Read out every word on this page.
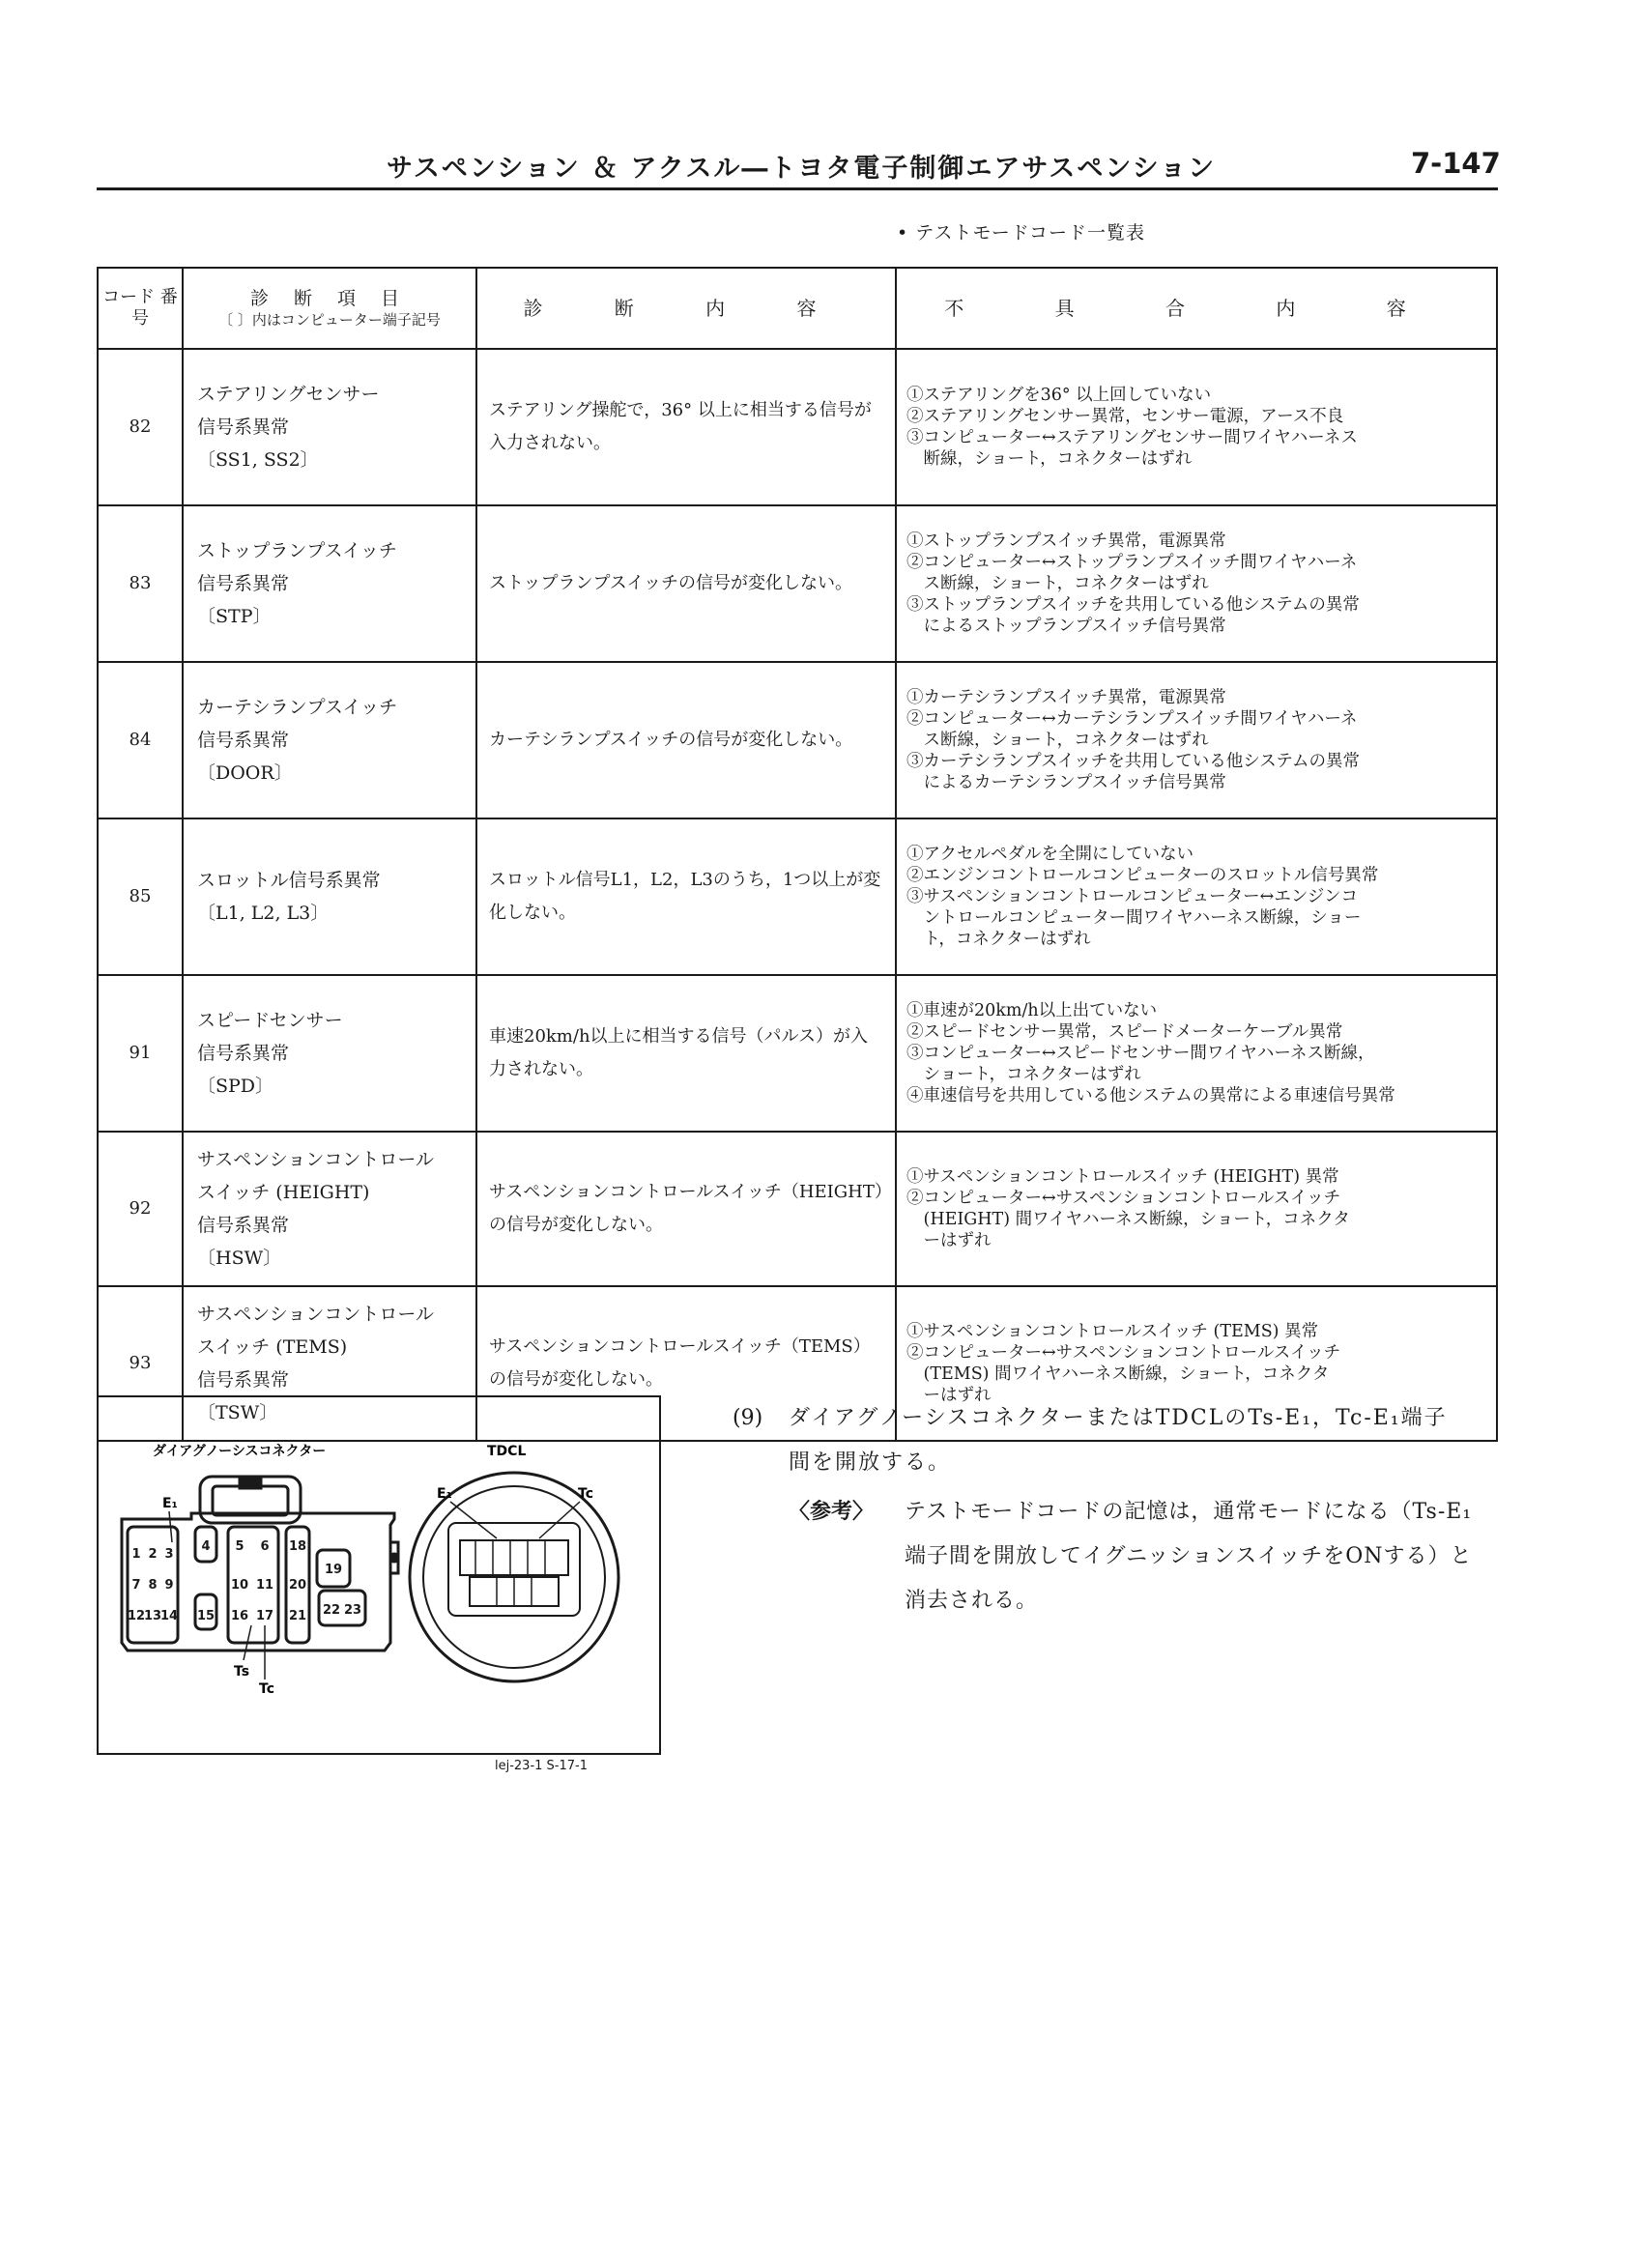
サスペンション ＆ アクスル―トヨタ電子制御エアサスペンション	7-147
• テストモードコード一覧表
コード 番 号	診 断 項 目
〔 〕内はコンピューター端子記号	診 断 内 容	不 具 合 内 容
82	ステアリングセンサー
信号系異常
〔SS1, SS2〕	ステアリング操舵で，36° 以上に相当する信号が入力されない。	①ステアリングを36° 以上回していない
②ステアリングセンサー異常，センサー電源，アース不良
③コンピューター↔ステアリングセンサー間ワイヤハーネス
　断線，ショート，コネクターはずれ

83	ストップランプスイッチ
信号系異常
〔STP〕	ストップランプスイッチの信号が変化しない。	①ストップランプスイッチ異常，電源異常
②コンピューター↔ストップランプスイッチ間ワイヤハーネ
　ス断線，ショート，コネクターはずれ
③ストップランプスイッチを共用している他システムの異常
　によるストップランプスイッチ信号異常

84	カーテシランプスイッチ
信号系異常
〔DOOR〕	カーテシランプスイッチの信号が変化しない。	①カーテシランプスイッチ異常，電源異常
②コンピューター↔カーテシランプスイッチ間ワイヤハーネ
　ス断線，ショート，コネクターはずれ
③カーテシランプスイッチを共用している他システムの異常
　によるカーテシランプスイッチ信号異常

85	スロットル信号系異常
〔L1, L2, L3〕	スロットル信号L1，L2，L3のうち，1つ以上が変化しない。	①アクセルペダルを全開にしていない
②エンジンコントロールコンピューターのスロットル信号異常
③サスペンションコントロールコンピューター↔エンジンコ
　ントロールコンピューター間ワイヤハーネス断線，ショー
　ト，コネクターはずれ

91	スピードセンサー
信号系異常
〔SPD〕	車速20km/h以上に相当する信号（パルス）が入力されない。	①車速が20km/h以上出ていない
②スピードセンサー異常，スピードメーターケーブル異常
③コンピューター↔スピードセンサー間ワイヤハーネス断線，
　ショート，コネクターはずれ
④車速信号を共用している他システムの異常による車速信号異常

92	サスペンションコントロール
スイッチ (HEIGHT)
信号系異常
〔HSW〕	サスペンションコントロールスイッチ（HEIGHT）の信号が変化しない。	①サスペンションコントロールスイッチ (HEIGHT) 異常
②コンピューター↔サスペンションコントロールスイッチ
　(HEIGHT) 間ワイヤハーネス断線，ショート，コネクタ
　ーはずれ

93	サスペンションコントロール
スイッチ (TEMS)
信号系異常
〔TSW〕	サスペンションコントロールスイッチ（TEMS）の信号が変化しない。	①サスペンションコントロールスイッチ (TEMS) 異常
②コンピューター↔サスペンションコントロールスイッチ
　(TEMS) 間ワイヤハーネス断線，ショート，コネクタ
　ーはずれ
ダイアグノーシスコネクター	TDCL
1 2 3
4 5 6 18
19
7 8 9	10 11 20
12
13
14 15 16 17 21 22 23
E₁
Ts
Tc
E₁	Tc
lej-23-1 S-17-1
(9) ダイアグノーシスコネクターまたはTDCLのTs-E₁，Tc-E₁端子
間を開放する。
〈参考〉 テストモードコードの記憶は，通常モードになる（Ts-E₁端子間を開放してイグニッションスイッチをONする）と消去される。
